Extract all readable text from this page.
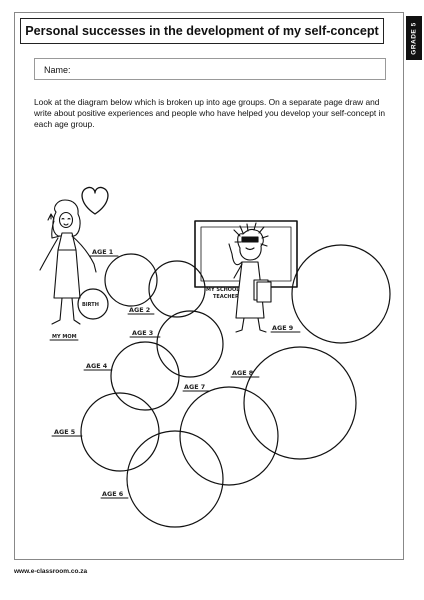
Personal successes in the development of my self-concept	GRADE 5
Name:
Look at the diagram below which is broken up into age groups. On a separate page draw and write about positive experiences and people who have helped you develop your self-concept in each age group.
AGE 1
AGE 2
AGE 3
AGE 4
AGE 5
AGE 6
AGE 7
AGE 8
AGE 9
BIRTH
MY MOM
MY SCHOOL
TEACHER
www.e-classroom.co.za
